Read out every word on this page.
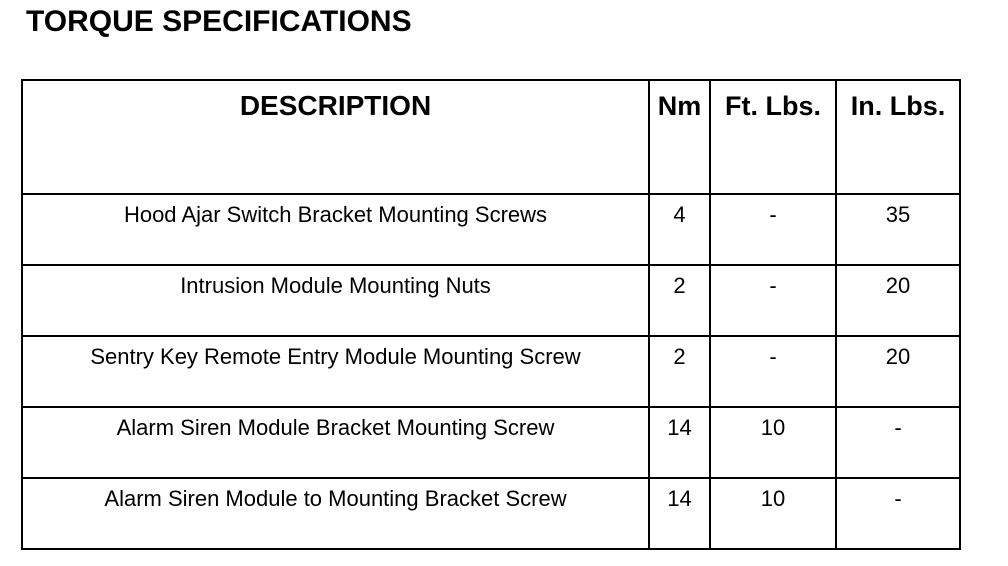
TORQUE SPECIFICATIONS
DESCRIPTION	Nm	Ft. Lbs.	In. Lbs.
Hood Ajar Switch Bracket Mounting Screws	4	-	35
Intrusion Module Mounting Nuts	2	-	20
Sentry Key Remote Entry Module Mounting Screw	2	-	20
Alarm Siren Module Bracket Mounting Screw	14	10	-
Alarm Siren Module to Mounting Bracket Screw	14	10	-
